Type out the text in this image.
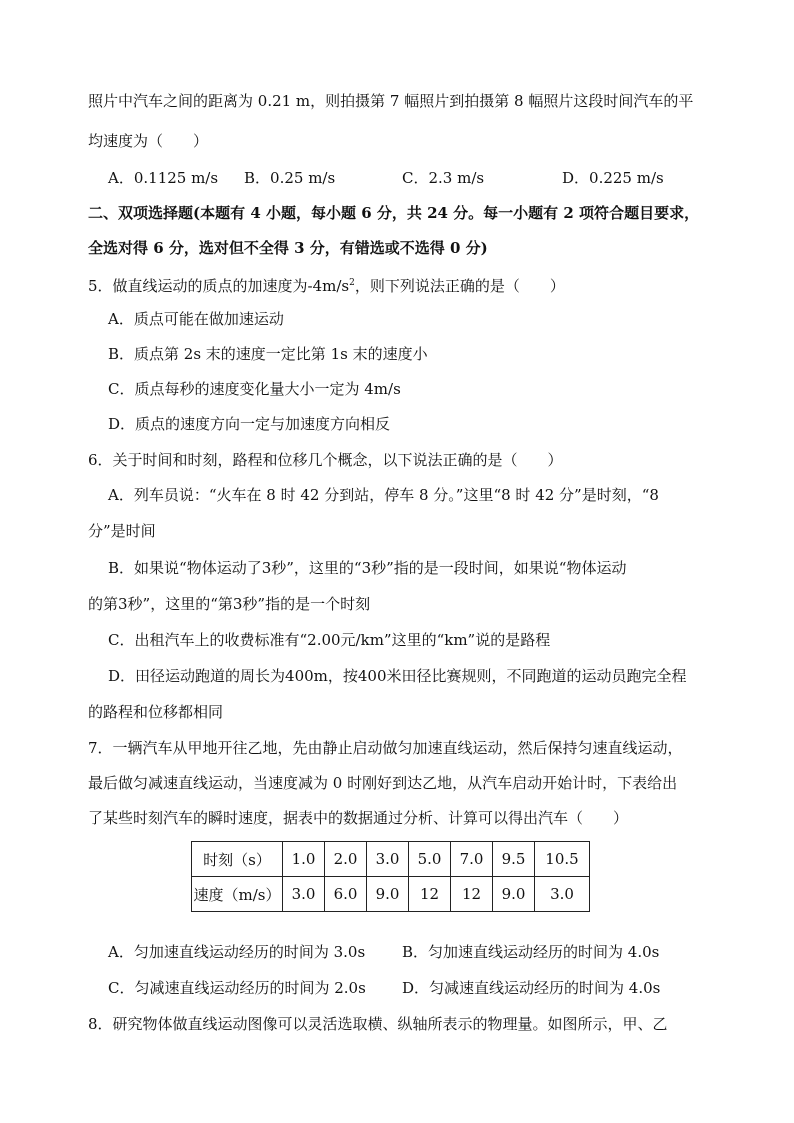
照片中汽车之间的距离为 0.21 m，则拍摄第 7 幅照片到拍摄第 8 幅照片这段时间汽车的平
均速度为（　　）
A．0.1125 m/s B．0.25 m/s	C．2.3 m/s	D．0.225 m/s
二、双项选择题(本题有 4 小题，每小题 6 分，共 24 分。每一小题有 2 项符合题目要求，
全选对得 6 分，选对但不全得 3 分，有错选或不选得 0 分)
5．做直线运动的质点的加速度为$-4m/s^2$，则下列说法正确的是（　　）
A．质点可能在做加速运动
B．质点第 2s 末的速度一定比第 1s 末的速度小
C．质点每秒的速度变化量大小一定为 4m/s
D．质点的速度方向一定与加速度方向相反
6．关于时间和时刻，路程和位移几个概念，以下说法正确的是（　　）
A．列车员说：“火车在 8 时 42 分到站，停车 8 分。”这里“8 时 42 分”是时刻，“8
分”是时间
B．如果说“物体运动了3秒”，这里的“3秒”指的是一段时间，如果说“物体运动
的第3秒”，这里的“第3秒”指的是一个时刻
C．出租汽车上的收费标准有“2.00元/km”这里的“km”说的是路程
D．田径运动跑道的周长为400m，按400米田径比赛规则，不同跑道的运动员跑完全程
的路程和位移都相同
7．一辆汽车从甲地开往乙地，先由静止启动做匀加速直线运动，然后保持匀速直线运动，
最后做匀减速直线运动，当速度减为 0 时刚好到达乙地，从汽车启动开始计时，下表给出
了某些时刻汽车的瞬时速度，据表中的数据通过分析、计算可以得出汽车（　　）
时刻（s）	1.0	2.0	3.0	5.0	7.0	9.5	10.5
速度（m/s）	3.0	6.0	9.0	12	12	9.0	3.0
A．匀加速直线运动经历的时间为 3.0s B．匀加速直线运动经历的时间为 4.0s
C．匀减速直线运动经历的时间为 2.0s D．匀减速直线运动经历的时间为 4.0s
8．研究物体做直线运动图像可以灵活选取横、纵轴所表示的物理量。如图所示，甲、乙
